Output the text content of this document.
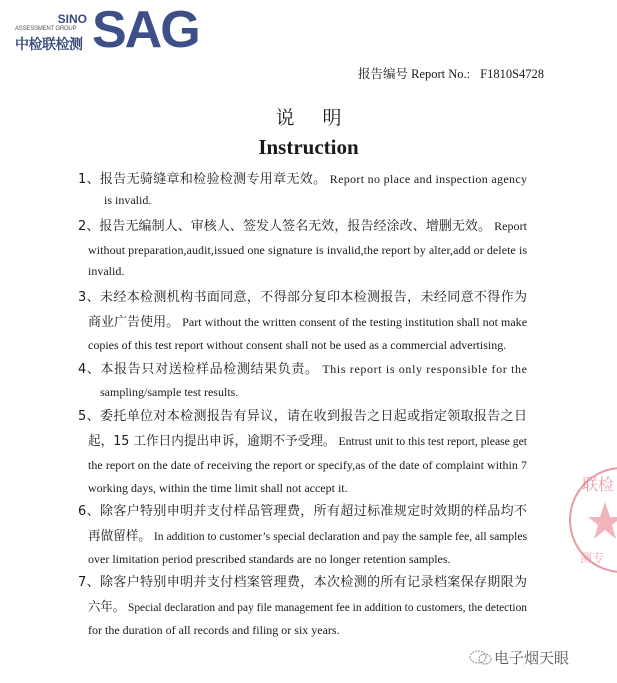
SINO
ASSESSMENT GROUP
中检联检测 SAG
报告编号 Report No.: F1810S4728
说 明
Instruction
1、报告无骑缝章和检验检测专用章无效。 Report no place and inspection agency
is invalid.
2、报告无编制人、审核人、签发人签名无效，报告经涂改、增删无效。 Report
without preparation,audit,issued one signature is invalid,the report by alter,add or delete is
invalid.
3、未经本检测机构书面同意，不得部分复印本检测报告，未经同意不得作为
商业广告使用。 Part without the written consent of the testing institution shall not make
copies of this test report without consent shall not be used as a commercial advertising.
4、本报告只对送检样品检测结果负责。 This report is only responsible for the
sampling/sample test results.
5、委托单位对本检测报告有异议，请在收到报告之日起或指定领取报告之日
起，15 工作日内提出申诉，逾期不予受理。 Entrust unit to this test report, please get
the report on the date of receiving the report or specify,as of the date of complaint within 7
working days, within the time limit shall not accept it.
6、除客户特别申明并支付样品管理费，所有超过标准规定时效期的样品均不
再做留样。 In addition to customer’s special declaration and pay the sample fee, all samples
over limitation period prescribed standards are no longer retention samples.
7、除客户特别申明并支付档案管理费，本次检测的所有记录档案保存期限为
六年。 Special declaration and pay file management fee in addition to customers, the detection
for the duration of all records and filing or six years.
联检
测专
电子烟天眼
